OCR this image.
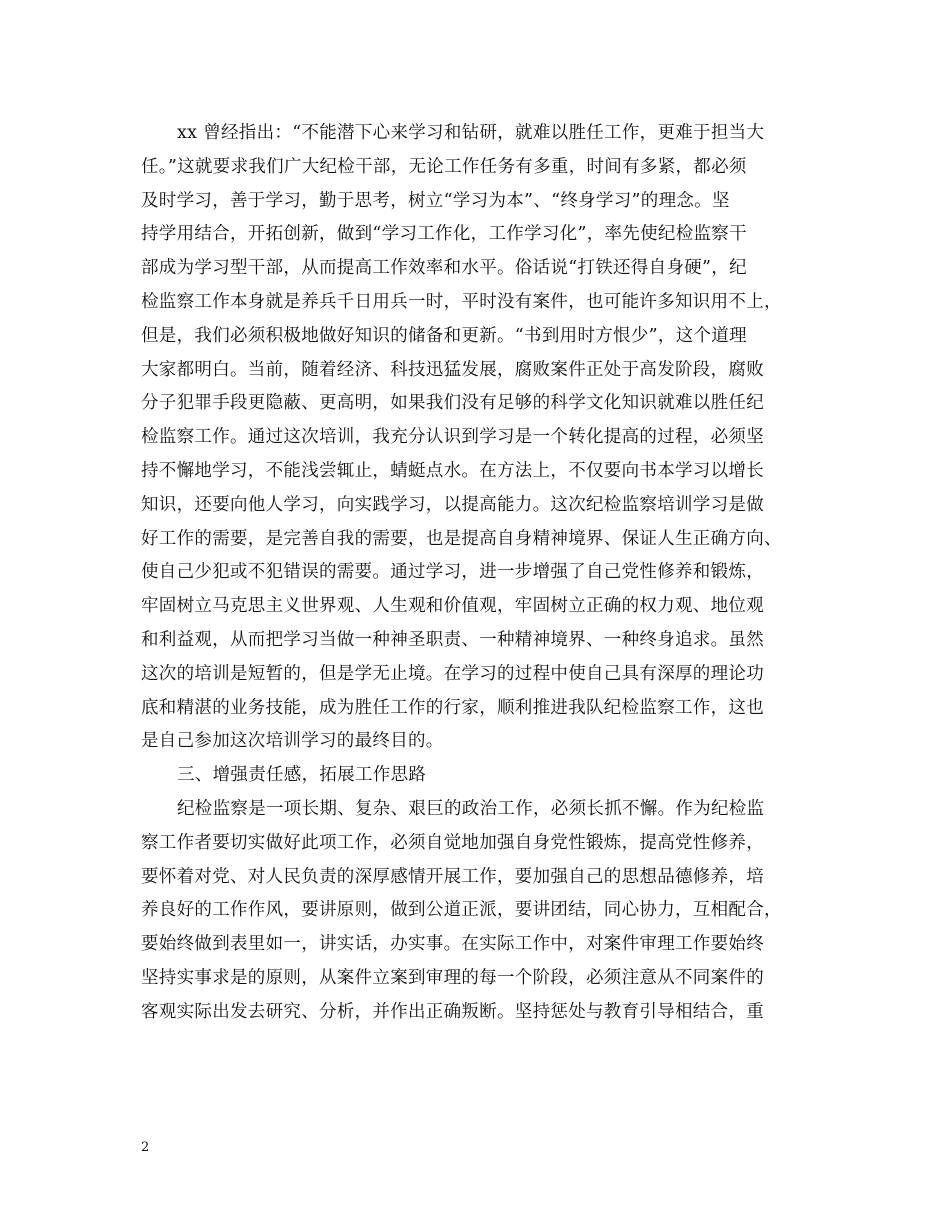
xx 曾经指出：“不能潜下心来学习和钻研，就难以胜任工作，更难于担当大
任。”这就要求我们广大纪检干部，无论工作任务有多重，时间有多紧，都必须
及时学习，善于学习，勤于思考，树立“学习为本”、“终身学习”的理念。坚
持学用结合，开拓创新，做到“学习工作化，工作学习化”，率先使纪检监察干
部成为学习型干部，从而提高工作效率和水平。俗话说“打铁还得自身硬”，纪
检监察工作本身就是养兵千日用兵一时，平时没有案件，也可能许多知识用不上，
但是，我们必须积极地做好知识的储备和更新。“书到用时方恨少”，这个道理
大家都明白。当前，随着经济、科技迅猛发展，腐败案件正处于高发阶段，腐败
分子犯罪手段更隐蔽、更高明，如果我们没有足够的科学文化知识就难以胜任纪
检监察工作。通过这次培训，我充分认识到学习是一个转化提高的过程，必须坚
持不懈地学习，不能浅尝辄止，蜻蜓点水。在方法上，不仅要向书本学习以增长
知识，还要向他人学习，向实践学习，以提高能力。这次纪检监察培训学习是做
好工作的需要，是完善自我的需要，也是提高自身精神境界、保证人生正确方向、
使自己少犯或不犯错误的需要。通过学习，进一步增强了自己党性修养和锻炼，
牢固树立马克思主义世界观、人生观和价值观，牢固树立正确的权力观、地位观
和利益观，从而把学习当做一种神圣职责、一种精神境界、一种终身追求。虽然
这次的培训是短暂的，但是学无止境。在学习的过程中使自己具有深厚的理论功
底和精湛的业务技能，成为胜任工作的行家，顺利推进我队纪检监察工作，这也
是自己参加这次培训学习的最终目的。
三、增强责任感，拓展工作思路
纪检监察是一项长期、复杂、艰巨的政治工作，必须长抓不懈。作为纪检监
察工作者要切实做好此项工作，必须自觉地加强自身党性锻炼，提高党性修养，
要怀着对党、对人民负责的深厚感情开展工作，要加强自己的思想品德修养，培
养良好的工作作风，要讲原则，做到公道正派，要讲团结，同心协力，互相配合，
要始终做到表里如一，讲实话，办实事。在实际工作中，对案件审理工作要始终
坚持实事求是的原则，从案件立案到审理的每一个阶段，必须注意从不同案件的
客观实际出发去研究、分析，并作出正确叛断。坚持惩处与教育引导相结合，重
2
